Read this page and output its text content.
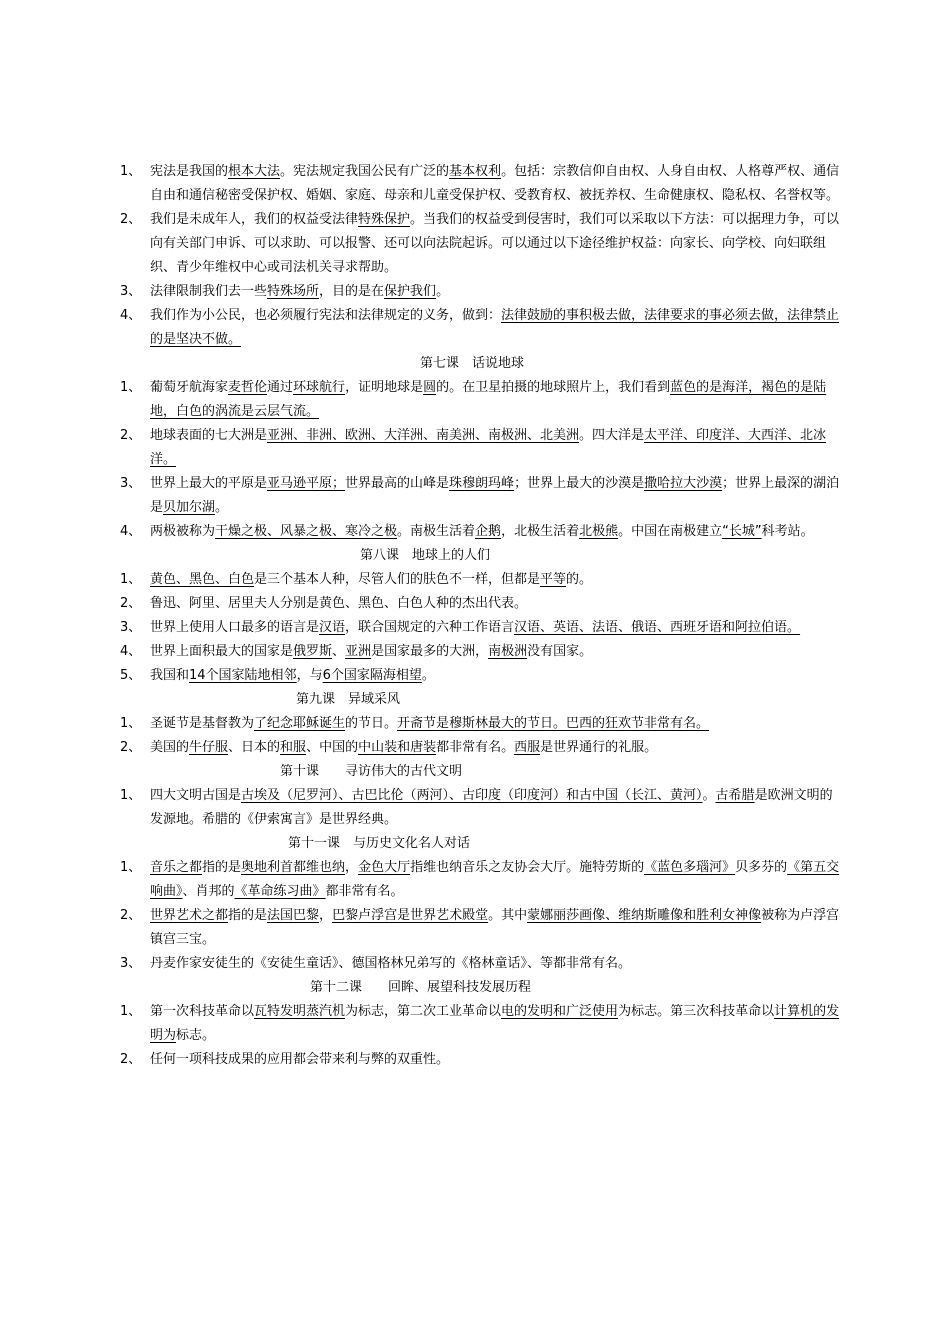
1、 宪法是我国的根本大法。宪法规定我国公民有广泛的基本权利。包括：宗教信仰自由权、人身自由权、人格尊严权、通信自由和通信秘密受保护权、婚姻、家庭、母亲和儿童受保护权、受教育权、被抚养权、生命健康权、隐私权、名誉权等。
2、 我们是未成年人，我们的权益受法律特殊保护。当我们的权益受到侵害时，我们可以采取以下方法：可以据理力争，可以向有关部门申诉、可以求助、可以报警、还可以向法院起诉。可以通过以下途径维护权益：向家长、向学校、向妇联组织、青少年维权中心或司法机关寻求帮助。
3、 法律限制我们去一些特殊场所，目的是在保护我们。
4、 我们作为小公民，也必须履行宪法和法律规定的义务，做到：法律鼓励的事积极去做，法律要求的事必须去做，法律禁止的是坚决不做。
第七课　话说地球
1、 葡萄牙航海家麦哲伦通过环球航行，证明地球是圆的。在卫星拍摄的地球照片上，我们看到蓝色的是海洋，褐色的是陆地，白色的涡流是云层气流。
2、 地球表面的七大洲是亚洲、非洲、欧洲、大洋洲、南美洲、南极洲、北美洲。四大洋是太平洋、印度洋、大西洋、北冰洋。
3、 世界上最大的平原是亚马逊平原；世界最高的山峰是珠穆朗玛峰；世界上最大的沙漠是撒哈拉大沙漠；世界上最深的湖泊是贝加尔湖。
4、 两极被称为干燥之极、风暴之极、寒冷之极。南极生活着企鹅，北极生活着北极熊。中国在南极建立“长城”科考站。
第八课　地球上的人们
1、 黄色、黑色、白色是三个基本人种，尽管人们的肤色不一样，但都是平等的。
2、 鲁迅、阿里、居里夫人分别是黄色、黑色、白色人种的杰出代表。
3、 世界上使用人口最多的语言是汉语，联合国规定的六种工作语言汉语、英语、法语、俄语、西班牙语和阿拉伯语。
4、 世界上面积最大的国家是俄罗斯、亚洲是国家最多的大洲，南极洲没有国家。
5、 我国和14个国家陆地相邻，与6个国家隔海相望。
第九课　异域采风
1、 圣诞节是基督教为了纪念耶稣诞生的节日。开斋节是穆斯林最大的节日。巴西的狂欢节非常有名。
2、 美国的牛仔服、日本的和服、中国的中山装和唐装都非常有名。西服是世界通行的礼服。
第十课　　寻访伟大的古代文明
1、 四大文明古国是古埃及（尼罗河）、古巴比伦（两河）、古印度（印度河）和古中国（长江、黄河）。古希腊是欧洲文明的发源地。希腊的《伊索寓言》是世界经典。
第十一课　与历史文化名人对话
1、 音乐之都指的是奥地利首都维也纳，金色大厅指维也纳音乐之友协会大厅。施特劳斯的《蓝色多瑙河》贝多芬的《第五交响曲》、肖邦的《革命练习曲》都非常有名。
2、 世界艺术之都指的是法国巴黎，巴黎卢浮宫是世界艺术殿堂。其中蒙娜丽莎画像、维纳斯雕像和胜利女神像被称为卢浮宫镇宫三宝。
3、 丹麦作家安徒生的《安徒生童话》、德国格林兄弟写的《格林童话》、等都非常有名。
第十二课　　回眸、展望科技发展历程
1、 第一次科技革命以瓦特发明蒸汽机为标志，第二次工业革命以电的发明和广泛使用为标志。第三次科技革命以计算机的发明为标志。
2、 任何一项科技成果的应用都会带来利与弊的双重性。
